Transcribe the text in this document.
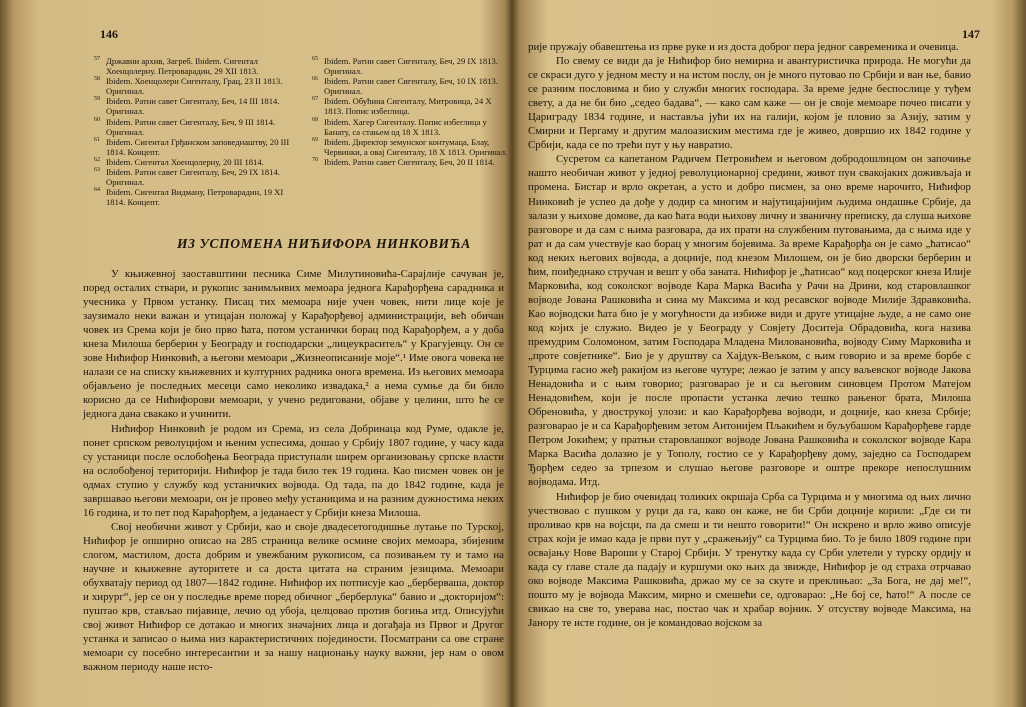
146

57 Државни архив, Загреб. Ibidem. Сигентал Хоенцолерну. Петроварадин, 29 XII 1813.

58 Ibidem. Хоенцолерн Сигенталу, Грац, 23 II 1813. Оригинал.

59 Ibidem. Ратни савет Сигенталу, Беч, 14 III 1814. Оригинал.

60 Ibidem. Ратни савет Сигенталу, Беч, 9 III 1814. Оригинал.

61 Ibidem. Сигентал Грђанском заповеднаштву, 20 III 1814. Концепт.

62 Ibidem. Сигентал Хоенцолерну, 20 III 1814.

63 Ibidem. Ратни савет Сигенталу, Беч, 29 IX 1814. Оригинал.

64 Ibidem. Сигентал Видману, Петроварадин, 19 XI 1814. Концепт.

65 Ibidem. Ратни савет Сигенталу, Беч, 29 IX 1813. Оригинал.

66 Ibidem. Ратни савет Сигенталу, Беч, 10 IX 1813. Оригинал.

67 Ibidem. Обућина Сигенталу, Митровица, 24 X 1813. Попис избеглица.

68 Ibidem. Хагер Сигенталу. Попис избеглица у Банату, са стањем од 18 X 1813.

69 Ibidem. Директор земунског контумаца, Блау, Червинки, а овај Сигенталу, 18 X 1813. Оригинал.

70 Ibidem. Ратни савет Сигенталу, Беч, 20 II 1814.

ИЗ УСПОМЕНА НИЋИФОРА НИНКОВИЋА

У књижевној заоставштини песника Симе Милутиновића-Сарајлије сачуван је, поред осталих ствари, и рукопис занимљивих мемоара једнога Карађорђева сарадника и учесника у Првом устанку. Писац тих мемоара није учен човек, нити лице које је заузимало неки важан и утицајан положај у Карађорђевој администрацији, већ обичан човек из Срема који је био прво ћата, потом устанички борац под Карађорђем, а у доба кнеза Милоша берберин у Београду и господарски „лицеукраситељ“ у Крагујевцу. Он се зове Нићифор Нинковић, а његови мемоари „Жизнеописаније моје“.¹ Име овога човека не налази се на списку књижевних и културних радника онога времена. Из његових мемоара објављено је последњих месеци само неколико извадака,² а нема сумње да би било корисно да се Нићифорови мемоари, у учено редиговани, објаве у целини, што ће се једнога дана свакако и учинити.

Нићифор Нинковић је родом из Срема, из села Добринаца код Руме, одакле је, понет српском револуцијом и њеним успесима, дошао у Србију 1807 године, у часу када су устаници после ослобођења Београда приступали ширем организовању српске власти на ослобођеној територији. Нићифор је тада било тек 19 година. Као писмен човек он је одмах ступио у службу код устаничких војвода. Од тада, па до 1842 године, када је завршавао његови мемоари, он је провео међу устаницима и на разним дужностима неких 16 година, и то пет под Карађорђем, а једанаест у Србији кнеза Милоша.

Свој необични живот у Србији, као и своје двадесетогодишње лутање по Турској, Нићифор је опширно описао на 285 страница велике осмине својих мемоара, збијеним слогом, мастилом, доста добрим и увежбаним рукописом, са позивањем ту и тамо на научне и књижевне ауторитете и са доста цитата на страним језицима. Мемоари обухватају период од 1807—1842 године. Нићифор их потписује као „берберваша, доктор и хирург“, јер се он у последње време поред обичног „берберлука“ бавио и „докторијом“: пуштао крв, стављао пијавице, лечио од убоја, целцовао против богиња итд. Описујући свој живот Нићифор се дотакао и многих значајних лица и догађаја из Првог и Другог устанка и записао о њима низ карактеристичних појединости. Посматрани са ове стране мемоари су посебно интересантни и за нашу национању науку важни, јер нам о овом важном периоду наше исто-

147

рије пружају обавештења из прве руке и из доста доброг пера једног савременика и очевица.

По свему се види да је Нићифор био немирна и авантуристичка природа. Не могући да се скраси дуго у једном месту и на истом послу, он је много путовао по Србији и ван ње, бавио се разним пословима и био у служби многих господара. За време једне беспослице у туђем свету, а да не би био „седео бадава“, — како сам каже — он је своје мемоаре почео писати у Цариграду 1834 године, и наставља јући их на галији, којом је пловио за Азију, затим у Смирни и Пергаму и другим малоазиским местима где је живео, довршио их 1842 године у Србији, када се по трећи пут у њу навратио.

Сусретом са капетаном Радичем Петровићем и његовом добродошлицом он започиње нашто необичан живот у једној револуционарној средини, живот пун свакојаких доживљаја и промена. Бистар и врло окретан, а усто и добро писмен, за оно време нарочито, Нићифор Нинковић је успео да дође у додир са многим и најутицајнијим људима ондашње Србије, да залази у њихове домове, да као ћата води њихову личну и званичну преписку, да слуша њихове разговоре и да сам с њима разговара, да их прати на службеним путовањима, да с њима иде у рат и да сам учествује као борац у многим бојевима. За време Карађорђа он је само „ћатисао“ код неких његових војвода, а доцније, под кнезом Милошем, он је био дворски берберин и ћим, поиђеднако стручан и вешт у оба заната. Нићифор је „ћатисао“ код поцерског кнеза Илије Марковића, код соколског војводе Кара Марка Васића у Рачи на Дрини, код старовлашког војводе Јована Рашковића и сина му Максима и код ресавског војводе Милије Здравковића. Као војводски ћата био је у могућности да избиже види и друге утицајне људе, а не само оне код којих је служио. Видео је у Београду у Совјету Доситеја Обрадовића, кога назива премудрим Соломоном, затим Господара Младена Миловановића, војводу Симу Марковића и „проте совјетнике“. Био је у друштву са Хајдук-Вељком, с њим говорио и за време борбе с Турцима гасио жеђ ракијом из његове чутуре; лежао је затим у апсу ваљевског војводе Јакова Ненадовића и с њим говорио; разговарао је и са његовим синовцем Протом Матејом Ненадовићем, који је после пропасти устанка лечио тешко рањеног брата, Милоша Обреновића, у двострукој улози: и као Карађорђева војводи, и доцније, као кнеза Србије; разговарао је и са Карађорђевим зетом Антонијем Пљакићем и буљубашом Карађорђеве гарде Петром Јокићем; у пратњи старовлашког војводе Јована Рашковића и соколског војводе Кара Марка Васића долазио је у Тополу, гостио се у Карађорђеву дому, заједно са Господарем Ђорђем седео за трпезом и слушао његове разговоре и оштре прекоре непослушним војводама. Итд.

Нићифор је био очевидац толиких окршаја Срба са Турцима и у многима од њих лично учествовао с пушком у руци да га, како он каже, не би Срби доцније корили: „Где си ти проливао крв на војсци, па да смеш и ти нешто говорити!“ Он искрено и врло живо описује страх који је имао када је први пут у „сражењију“ са Турцима био. То је било 1809 године при освајању Нове Вароши у Старој Србији. У тренутку када су Срби улетели у турску ордију и када су главе стале да падају и куршуми око њих да звижде, Нићифор је од страха отрчавао око војводе Максима Рашковића, држао му се за скуте и преклињао: „За Бога, не дај ме!“, пошто му је војвода Максим, мирно и смешећи се, одговарао: „Не бој се, ћато!“ А после се свикао на све то, уверава нас, постао чак и храбар војник. У отсуству војводе Максима, на Јанору те исте године, он је командовао војском за
